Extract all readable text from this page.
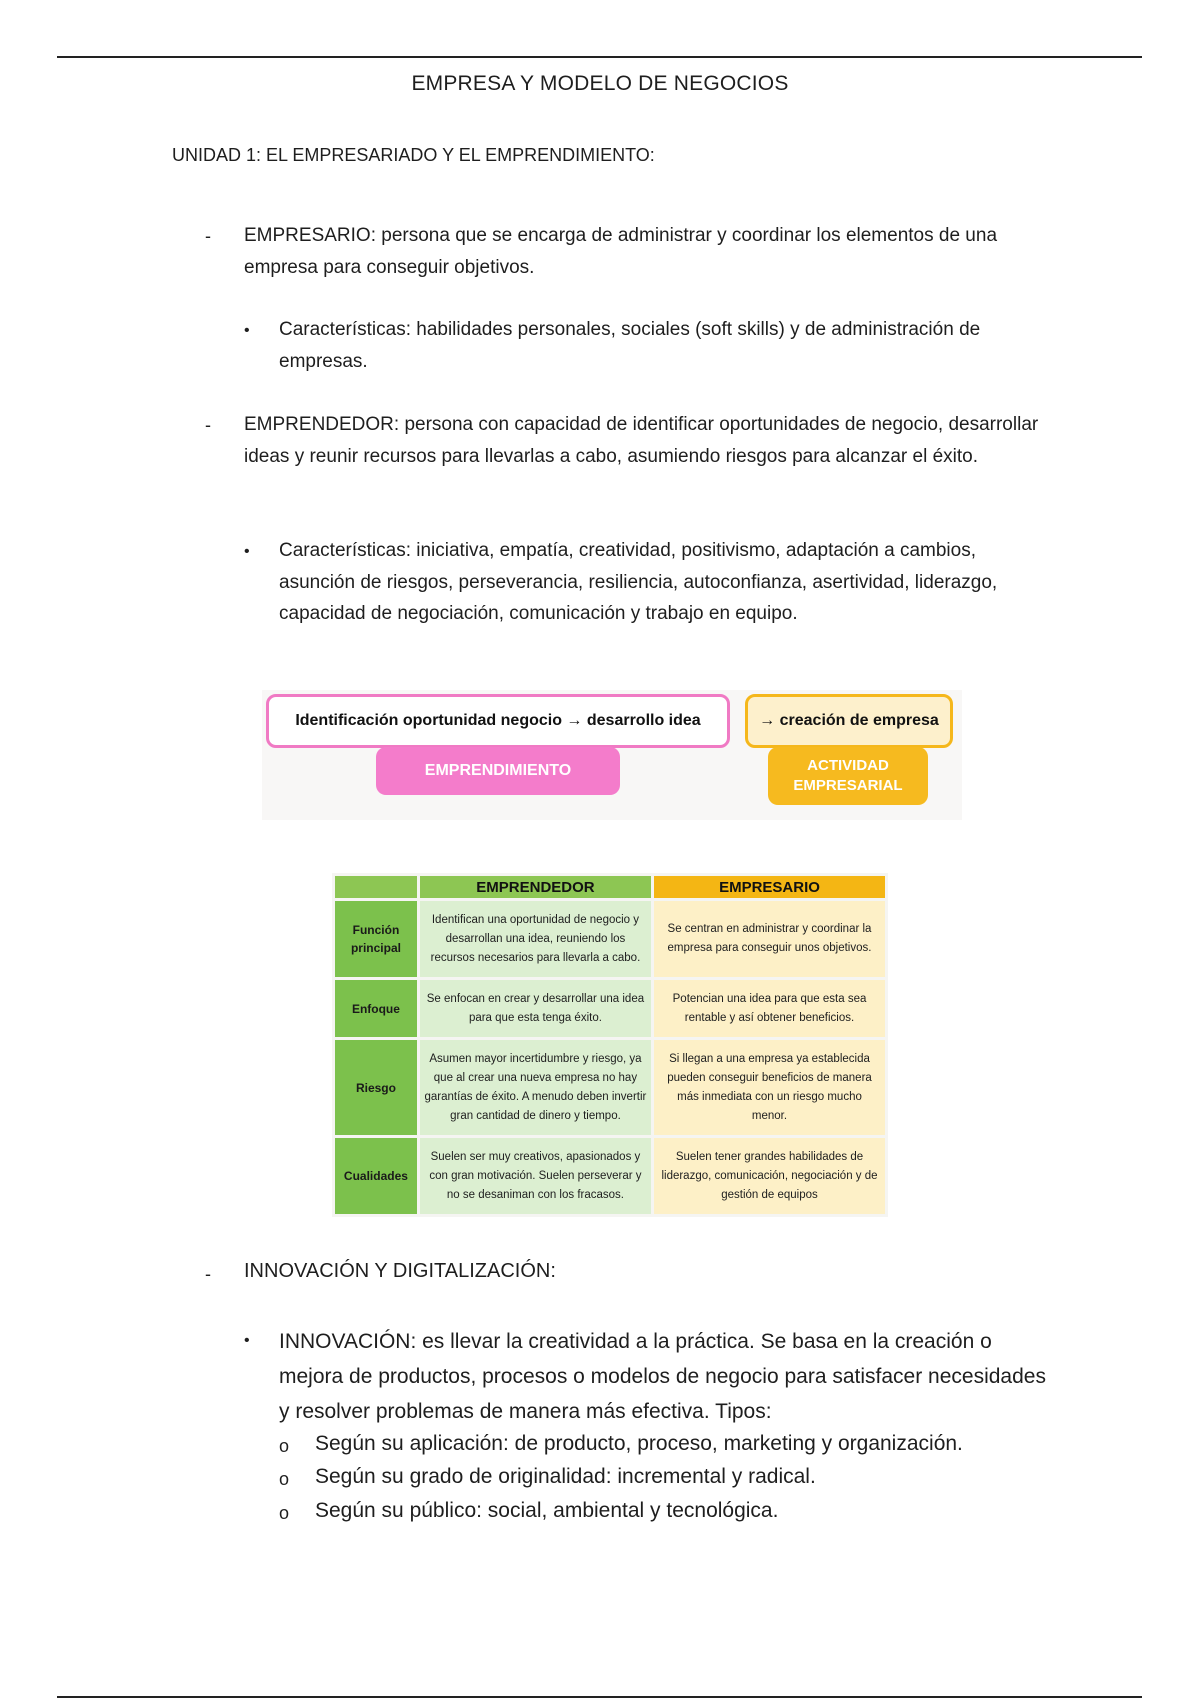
EMPRESA Y MODELO DE NEGOCIOS
UNIDAD 1: EL EMPRESARIADO Y EL EMPRENDIMIENTO:
- EMPRESARIO: persona que se encarga de administrar y coordinar los elementos de una empresa para conseguir objetivos.
• Características: habilidades personales, sociales (soft skills) y de administración de empresas.
- EMPRENDEDOR: persona con capacidad de identificar oportunidades de negocio, desarrollar ideas y reunir recursos para llevarlas a cabo, asumiendo riesgos para alcanzar el éxito.
• Características: iniciativa, empatía, creatividad, positivismo, adaptación a cambios, asunción de riesgos, perseverancia, resiliencia, autoconfianza, asertividad, liderazgo, capacidad de negociación, comunicación y trabajo en equipo.
Identificación oportunidad negocio → desarrollo idea
EMPRENDIMIENTO
→ creación de empresa
ACTIVIDAD
EMPRESARIAL
	EMPRENDEDOR	EMPRESARIO
Función principal	Identifican una oportunidad de negocio y desarrollan una idea, reuniendo los recursos necesarios para llevarla a cabo.	Se centran en administrar y coordinar la empresa para conseguir unos objetivos.
Enfoque	Se enfocan en crear y desarrollar una idea para que esta tenga éxito.	Potencian una idea para que esta sea rentable y así obtener beneficios.
Riesgo	Asumen mayor incertidumbre y riesgo, ya que al crear una nueva empresa no hay garantías de éxito. A menudo deben invertir gran cantidad de dinero y tiempo.	Si llegan a una empresa ya establecida pueden conseguir beneficios de manera más inmediata con un riesgo mucho menor.
Cualidades	Suelen ser muy creativos, apasionados y con gran motivación. Suelen perseverar y no se desaniman con los fracasos.	Suelen tener grandes habilidades de liderazgo, comunicación, negociación y de gestión de equipos
- INNOVACIÓN Y DIGITALIZACIÓN:
• INNOVACIÓN: es llevar la creatividad a la práctica. Se basa en la creación o mejora de productos, procesos o modelos de negocio para satisfacer necesidades y resolver problemas de manera más efectiva. Tipos:
o Según su aplicación: de producto, proceso, marketing y organización.
o Según su grado de originalidad: incremental y radical.
o Según su público: social, ambiental y tecnológica.
